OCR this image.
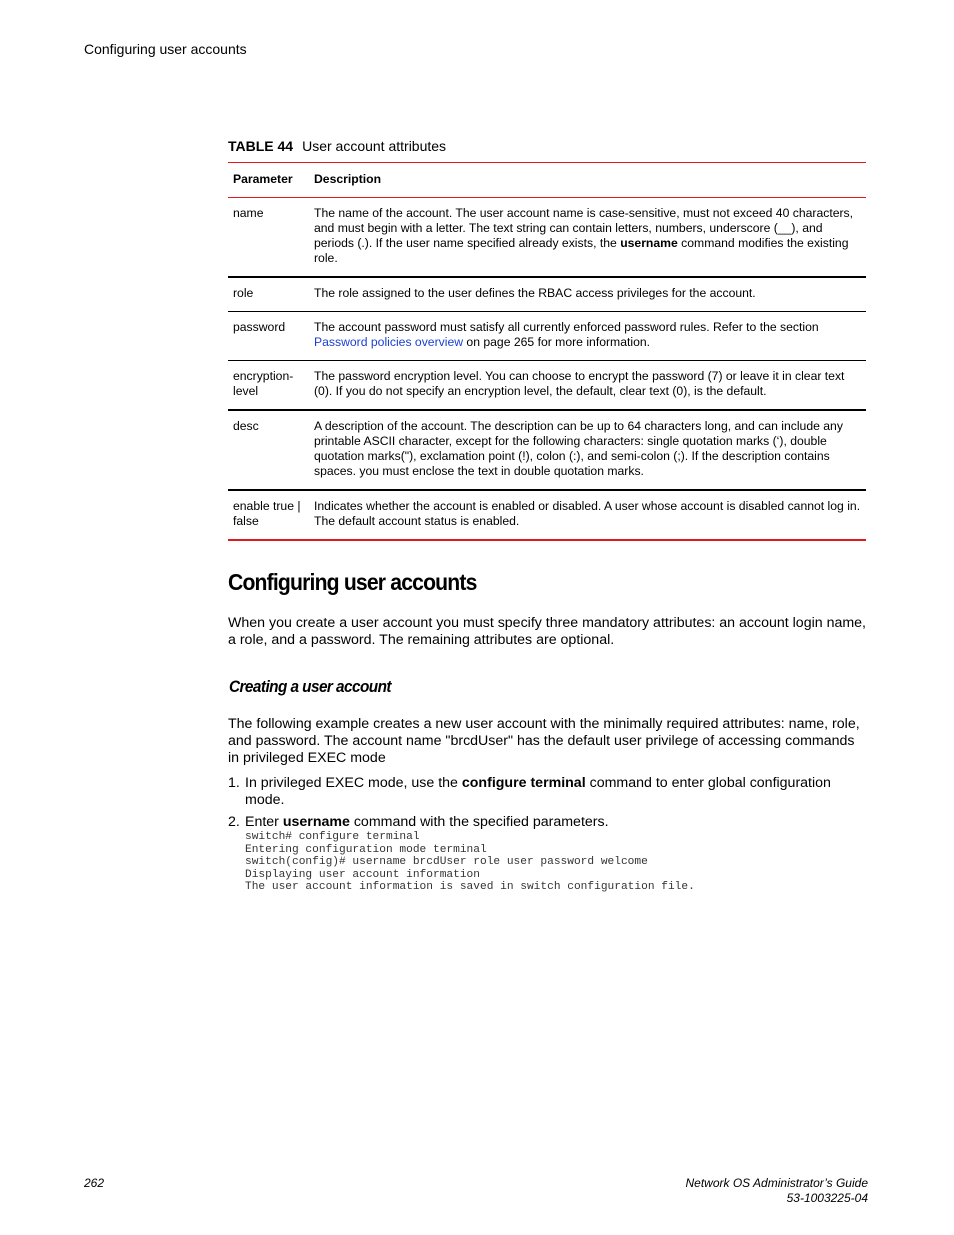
Configuring user accounts
TABLE 44 User account attributes
Parameter	Description
name	The name of the account. The user account name is case-sensitive, must not exceed 40 characters, and must begin with a letter. The text string can contain letters, numbers, underscore (__), and periods (.). If the user name specified already exists, the username command modifies the existing role.
role	The role assigned to the user defines the RBAC access privileges for the account.
password	The account password must satisfy all currently enforced password rules. Refer to the section Password policies overview on page 265 for more information.
encryption-
level	The password encryption level. You can choose to encrypt the password (7) or leave it in clear text (0). If you do not specify an encryption level, the default, clear text (0), is the default.
desc	A description of the account. The description can be up to 64 characters long, and can include any printable ASCII character, except for the following characters: single quotation marks (‘), double quotation marks("), exclamation point (!), colon (:), and semi-colon (;). If the description contains spaces. you must enclose the text in double quotation marks.
enable true |
false	Indicates whether the account is enabled or disabled. A user whose account is disabled cannot log in. The default account status is enabled.
Configuring user accounts

When you create a user account you must specify three mandatory attributes: an account login name, a role, and a password. The remaining attributes are optional.

Creating a user account

The following example creates a new user account with the minimally required attributes: name, role, and password. The account name "brcdUser" has the default user privilege of accessing commands in privileged EXEC mode

1. In privileged EXEC mode, use the configure terminal command to enter global configuration mode.
2. Enter username command with the specified parameters.
switch# configure terminal
Entering configuration mode terminal
switch(config)# username brcdUser role user password welcome
Displaying user account information
The user account information is saved in switch configuration file.
262	Network OS Administrator’s Guide
53-1003225-04
